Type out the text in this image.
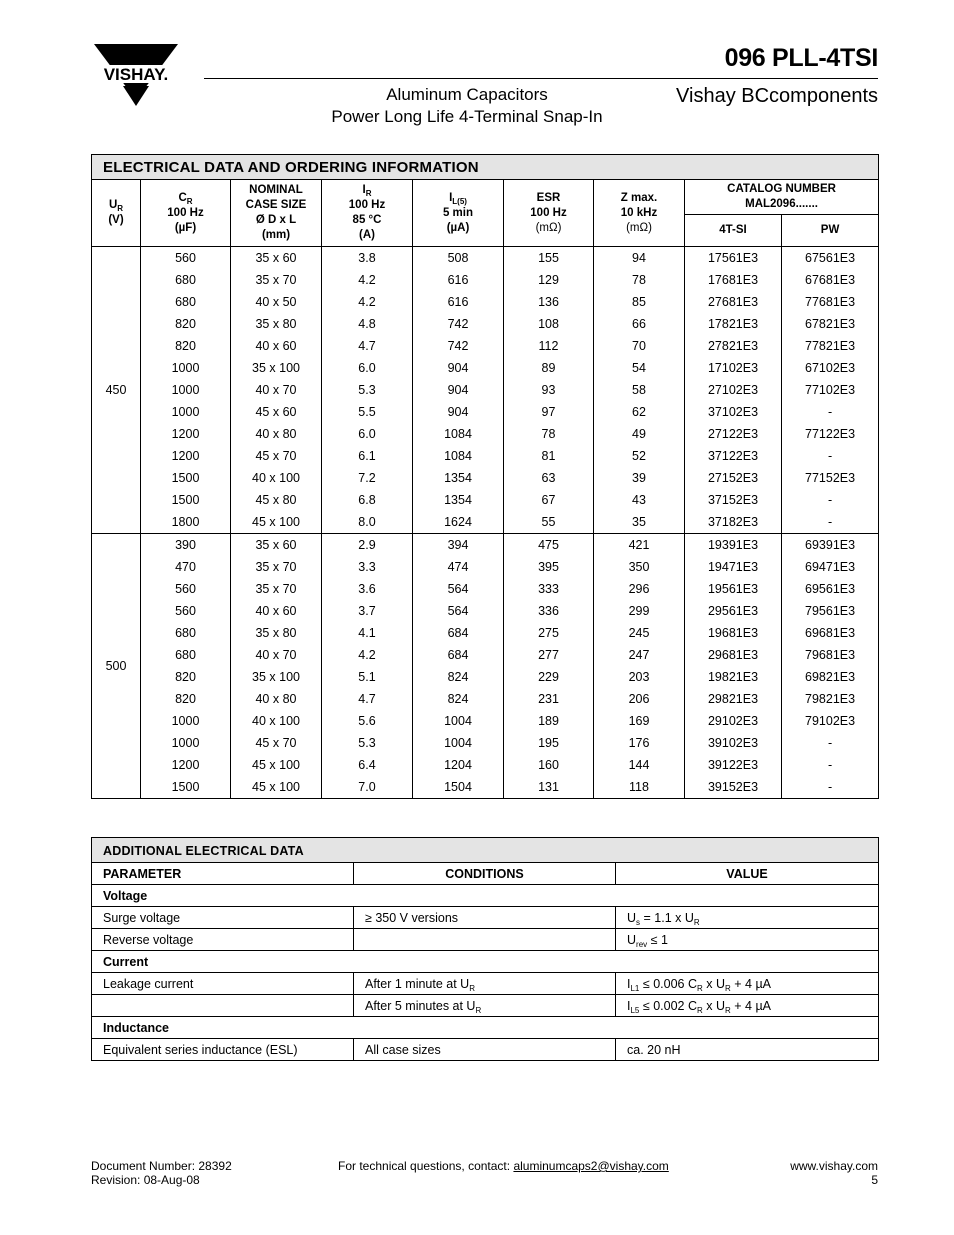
VISHAY.
096 PLL-4TSI
Aluminum Capacitors
Power Long Life 4-Terminal Snap-In
Vishay BCcomponents
ELECTRICAL DATA AND ORDERING INFORMATION								
$U_R$
(V)	$C_R$
100 Hz
(µF)	NOMINAL
CASE SIZE
Ø D x L
(mm)	$I_R$
100 Hz
85 °C
(A)	$I_{L(5)}$
5 min
(µA)	ESR
100 Hz
(mΩ)	Z max.
10 kHz
(mΩ)	CATALOG NUMBER
MAL2096.......	
							4T-SI	PW
450	560	35 x 60	3.8	508	155	94	17561E3	67561E3
	680	35 x 70	4.2	616	129	78	17681E3	67681E3
	680	40 x 50	4.2	616	136	85	27681E3	77681E3
	820	35 x 80	4.8	742	108	66	17821E3	67821E3
	820	40 x 60	4.7	742	112	70	27821E3	77821E3
	1000	35 x 100	6.0	904	89	54	17102E3	67102E3
	1000	40 x 70	5.3	904	93	58	27102E3	77102E3
	1000	45 x 60	5.5	904	97	62	37102E3	-
	1200	40 x 80	6.0	1084	78	49	27122E3	77122E3
	1200	45 x 70	6.1	1084	81	52	37122E3	-
	1500	40 x 100	7.2	1354	63	39	27152E3	77152E3
	1500	45 x 80	6.8	1354	67	43	37152E3	-
	1800	45 x 100	8.0	1624	55	35	37182E3	-
500	390	35 x 60	2.9	394	475	421	19391E3	69391E3
	470	35 x 70	3.3	474	395	350	19471E3	69471E3
	560	35 x 70	3.6	564	333	296	19561E3	69561E3
	560	40 x 60	3.7	564	336	299	29561E3	79561E3
	680	35 x 80	4.1	684	275	245	19681E3	69681E3
	680	40 x 70	4.2	684	277	247	29681E3	79681E3
	820	35 x 100	5.1	824	229	203	19821E3	69821E3
	820	40 x 80	4.7	824	231	206	29821E3	79821E3
	1000	40 x 100	5.6	1004	189	169	29102E3	79102E3
	1000	45 x 70	5.3	1004	195	176	39102E3	-
	1200	45 x 100	6.4	1204	160	144	39122E3	-
	1500	45 x 100	7.0	1504	131	118	39152E3	-
ADDITIONAL ELECTRICAL DATA		
PARAMETER	CONDITIONS	VALUE
Voltage		
Surge voltage	≥ 350 V versions	$U_s = 1.1$ x $U_R$
Reverse voltage		$U_{rev} \le 1$
Current		
Leakage current	After 1 minute at $U_R$	$I_{L1} \le 0.006$ $C_R$ x $U_R + 4$ µA
	After 5 minutes at $U_R$	$I_{L5} \le 0.002$ $C_R$ x $U_R + 4$ µA
Inductance		
Equivalent series inductance (ESL)	All case sizes	ca. 20 nH
Document Number: 28392
Revision: 08-Aug-08
For technical questions, contact: aluminumcaps2@vishay.com	www.vishay.com
5
